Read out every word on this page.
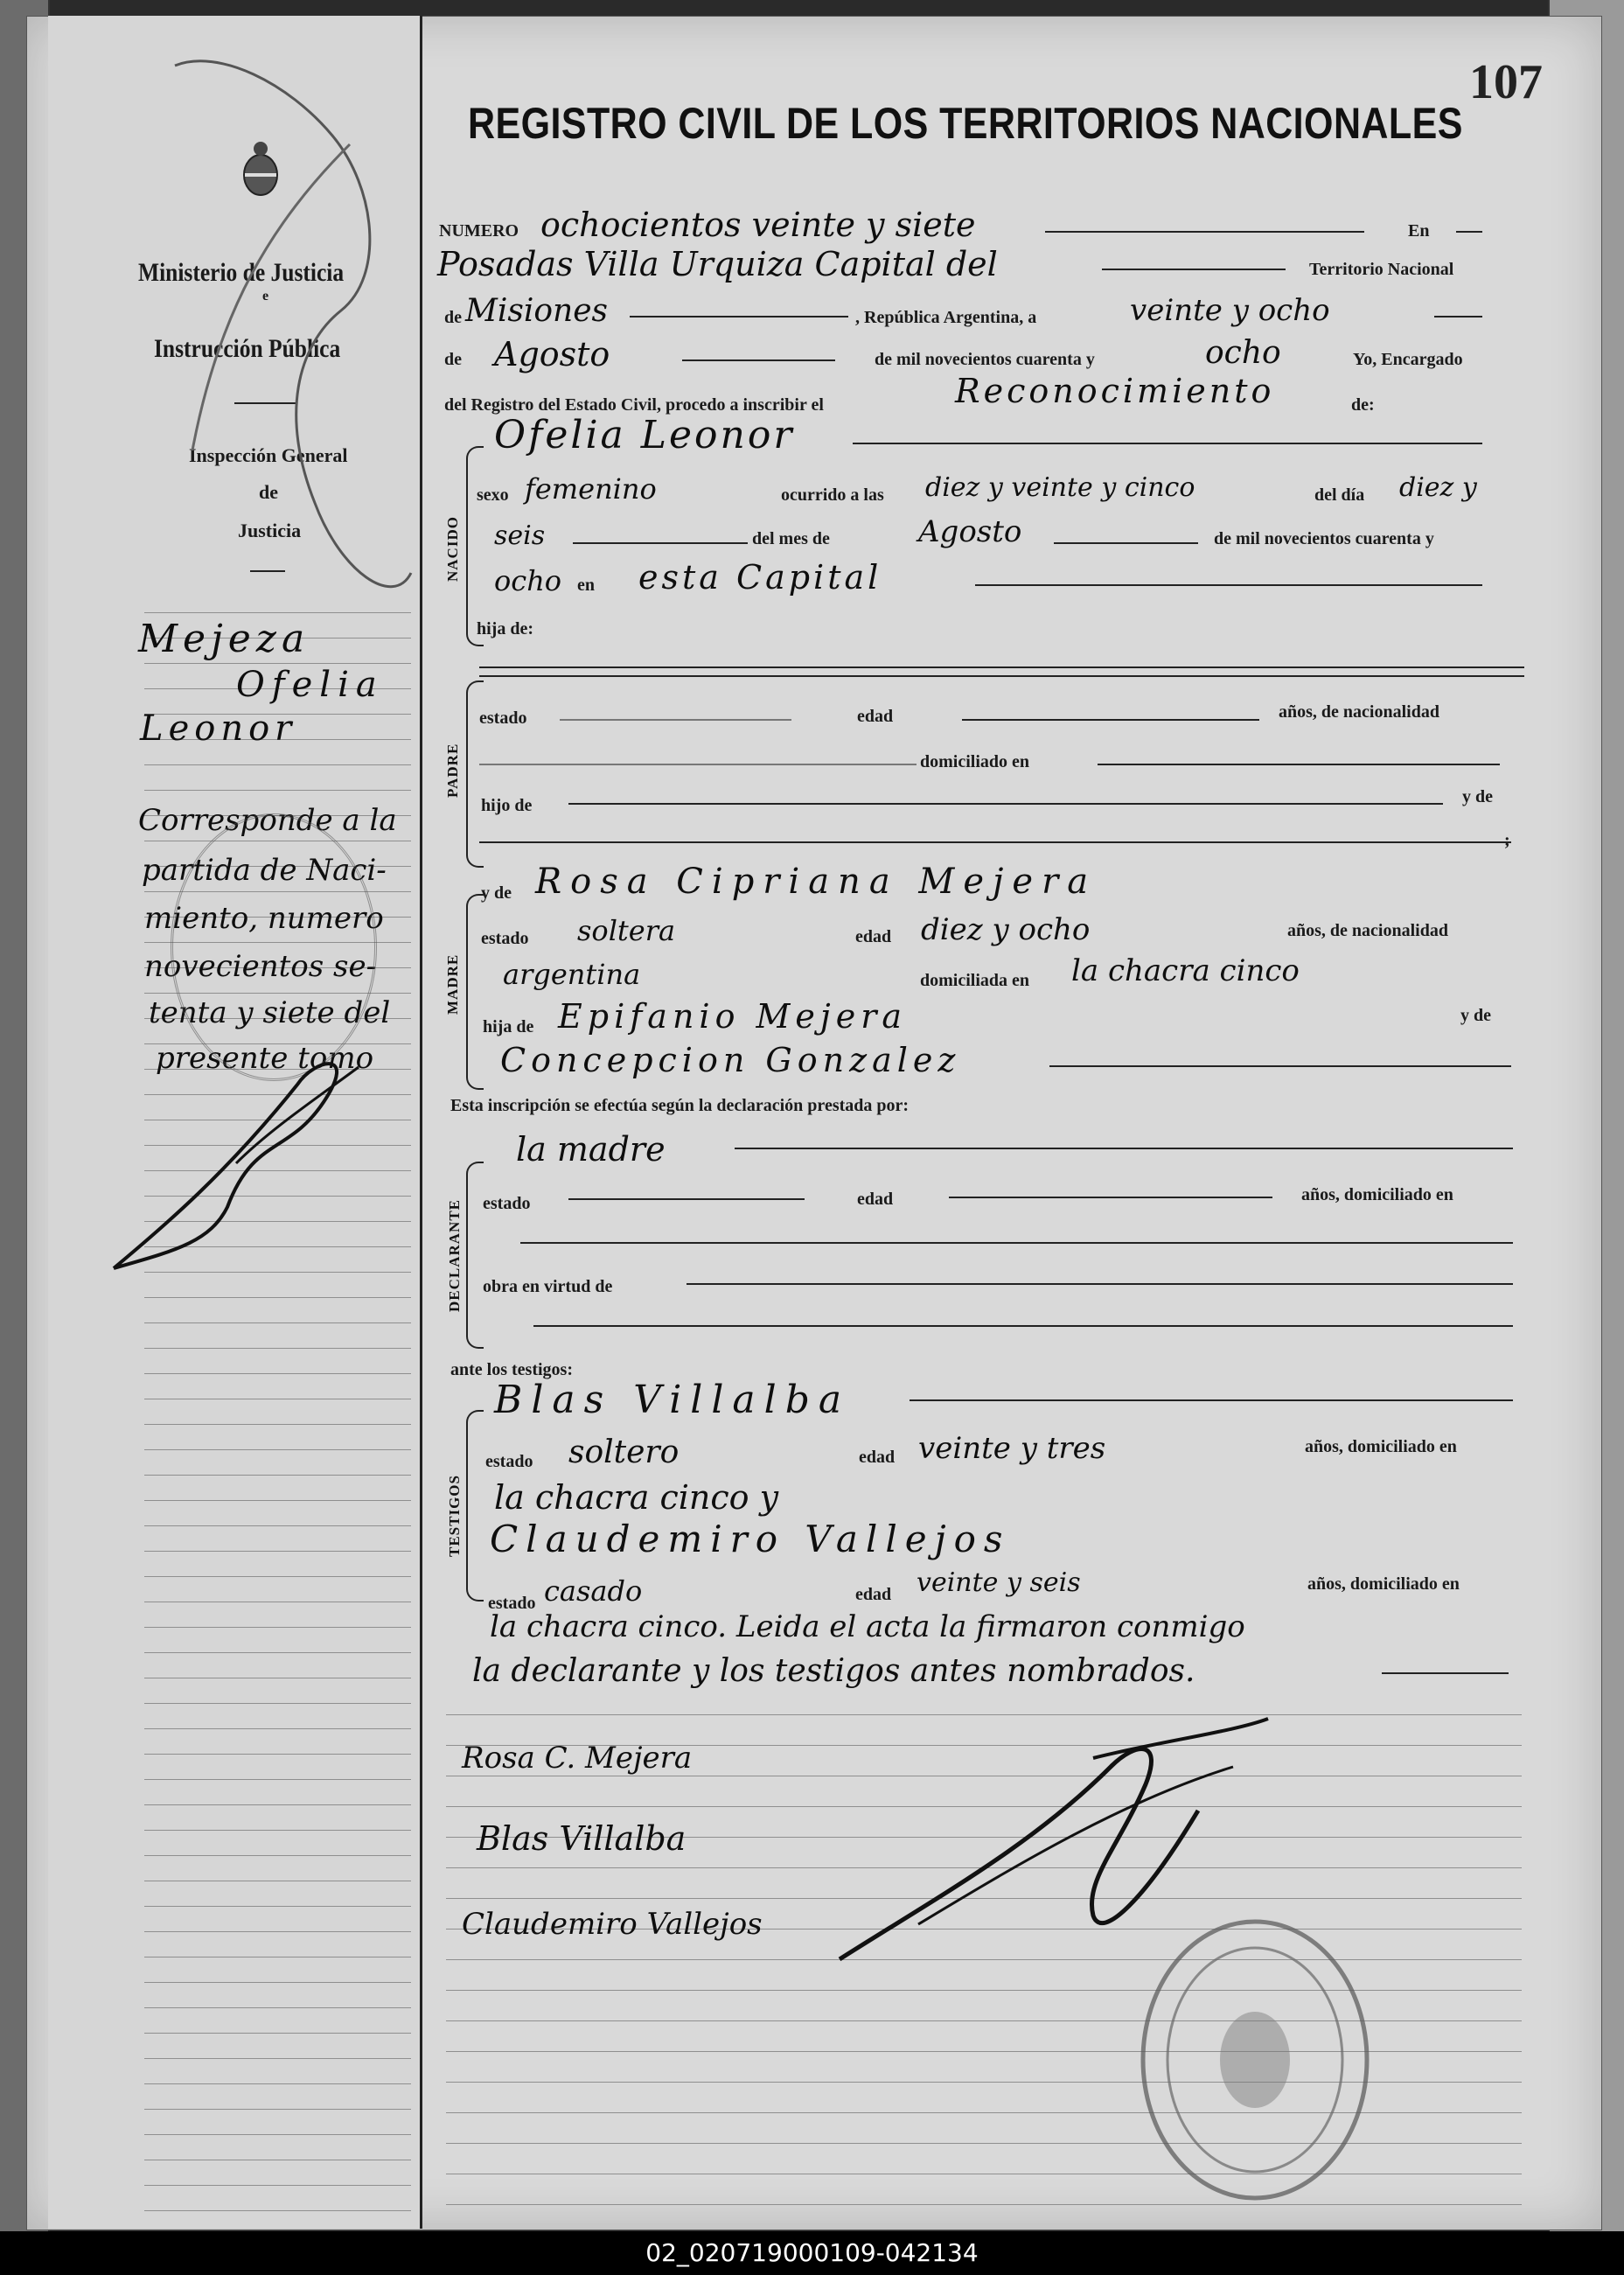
REGISTRO CIVIL DE LOS TERRITORIOS NACIONALES
107
Ministerio de Justicia
e
Instrucción Pública
Inspección General
de
Justicia
Mejeza
Ofelia
Leonor
Corresponde a la
partida de Naci-
miento, numero
novecientos se-
tenta y siete del
presente tomo
NUMERO ochocientos veinte y siete	En
Posadas Villa Urquiza Capital del	Territorio Nacional
de Misiones	, República Argentina, a	veinte y ocho
de Agosto	de mil novecientos cuarenta y	ocho	Yo, Encargado
del Registro del Estado Civil, procedo a inscribir el	Reconocimiento	de:
Ofelia Leonor
NACIDO
sexo femenino	ocurrido a las diez y veinte y cinco	del día diez y
seis	del mes de	Agosto	de mil novecientos cuarenta y
ocho en esta Capital
hija de:
PADRE
estado	edad	años, de nacionalidad
domiciliado en
hijo de	y de
;
y de Rosa Cipriana Mejera
MADRE
estado soltera	edad diez y ocho	años, de nacionalidad
argentina	domiciliada en la chacra cinco
hija de Epifanio Mejera	y de
Concepcion Gonzalez
Esta inscripción se efectúa según la declaración prestada por:
la madre
DECLARANTE estado	edad	años, domiciliado en
obra en virtud de
ante los testigos:
Blas Villalba
TESTIGOS
estado soltero	edad veinte y tres	años, domiciliado en
la chacra cinco y
Claudemiro Vallejos
estado casado	edad veinte y seis	años, domiciliado en
la chacra cinco. Leida el acta la firmaron conmigo
la declarante y los testigos antes nombrados.
Rosa C. Mejera
Blas Villalba
Claudemiro Vallejos
02_020719000109-042134
